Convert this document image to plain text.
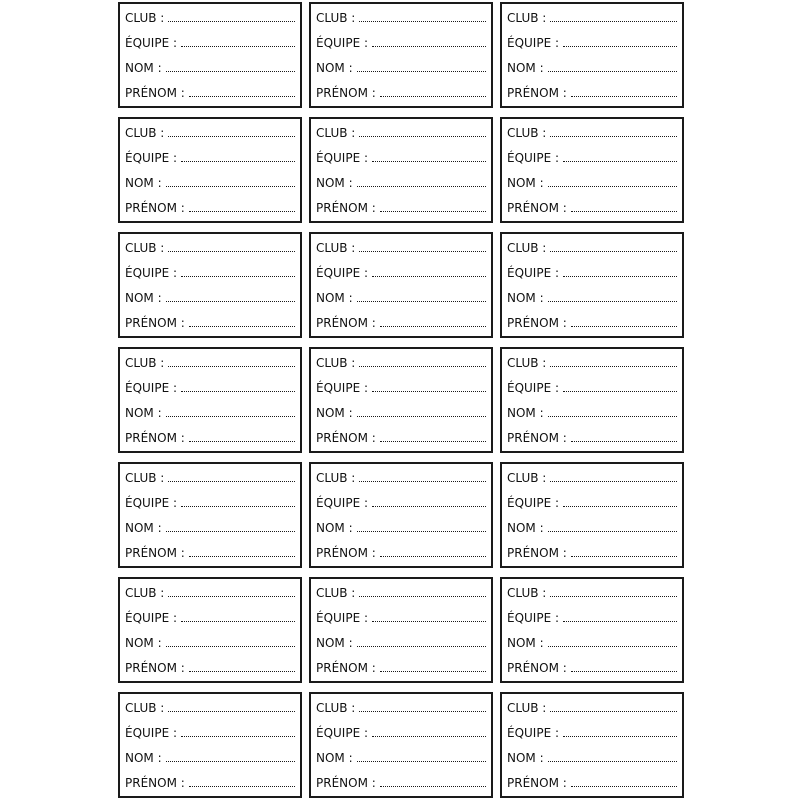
CLUB :
ÉQUIPE :
NOM :
PRÉNOM :
CLUB :
ÉQUIPE :
NOM :
PRÉNOM :
CLUB :
ÉQUIPE :
NOM :
PRÉNOM :
CLUB :
ÉQUIPE :
NOM :
PRÉNOM :
CLUB :
ÉQUIPE :
NOM :
PRÉNOM :
CLUB :
ÉQUIPE :
NOM :
PRÉNOM :
CLUB :
ÉQUIPE :
NOM :
PRÉNOM :
CLUB :
ÉQUIPE :
NOM :
PRÉNOM :
CLUB :
ÉQUIPE :
NOM :
PRÉNOM :
CLUB :
ÉQUIPE :
NOM :
PRÉNOM :
CLUB :
ÉQUIPE :
NOM :
PRÉNOM :
CLUB :
ÉQUIPE :
NOM :
PRÉNOM :
CLUB :
ÉQUIPE :
NOM :
PRÉNOM :
CLUB :
ÉQUIPE :
NOM :
PRÉNOM :
CLUB :
ÉQUIPE :
NOM :
PRÉNOM :
CLUB :
ÉQUIPE :
NOM :
PRÉNOM :
CLUB :
ÉQUIPE :
NOM :
PRÉNOM :
CLUB :
ÉQUIPE :
NOM :
PRÉNOM :
CLUB :
ÉQUIPE :
NOM :
PRÉNOM :
CLUB :
ÉQUIPE :
NOM :
PRÉNOM :
CLUB :
ÉQUIPE :
NOM :
PRÉNOM :
